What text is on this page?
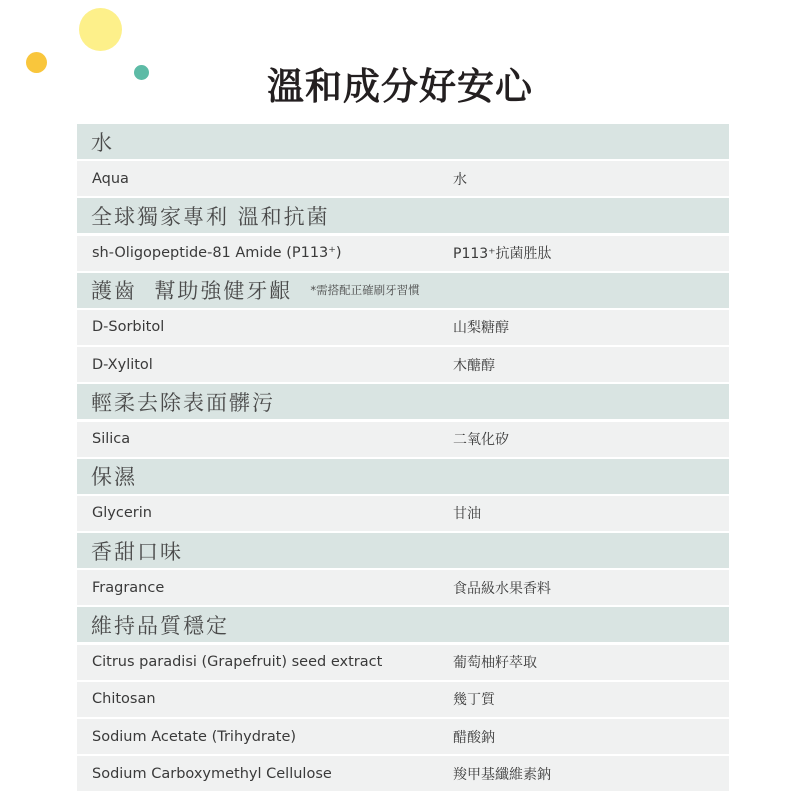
溫和成分好安心
水
Aqua	水
全球獨家專利 溫和抗菌
sh-Oligopeptide-81 Amide (P113⁺)	P113⁺抗菌胜肽
護齒  幫助強健牙齦 *需搭配正確刷牙習慣
D-Sorbitol	山梨糖醇
D-Xylitol	木醣醇
輕柔去除表面髒污
Silica	二氧化矽
保濕
Glycerin	甘油
香甜口味
Fragrance	食品級水果香料
維持品質穩定
Citrus paradisi (Grapefruit) seed extract	葡萄柚籽萃取
Chitosan	幾丁質
Sodium Acetate (Trihydrate)	醋酸鈉
Sodium Carboxymethyl Cellulose	羧甲基纖維素鈉
